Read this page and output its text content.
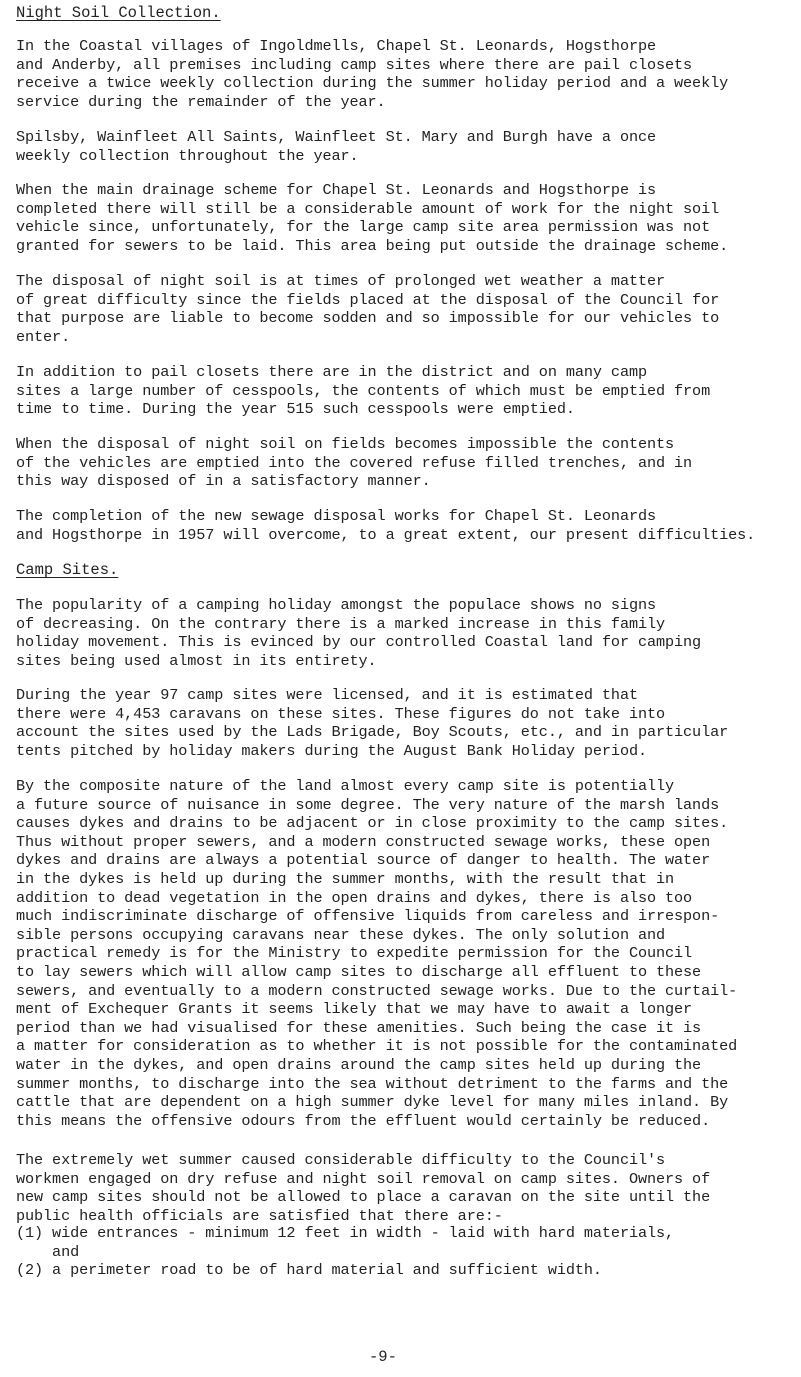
Night Soil Collection.
In the Coastal villages of Ingoldmells, Chapel St. Leonards, Hogsthorpe
and Anderby, all premises including camp sites where there are pail closets
receive a twice weekly collection during the summer holiday period and a weekly
service during the remainder of the year.
Spilsby, Wainfleet All Saints, Wainfleet St. Mary and Burgh have a once
weekly collection throughout the year.
When the main drainage scheme for Chapel St. Leonards and Hogsthorpe is
completed there will still be a considerable amount of work for the night soil
vehicle since, unfortunately, for the large camp site area permission was not
granted for sewers to be laid. This area being put outside the drainage scheme.
The disposal of night soil is at times of prolonged wet weather a matter
of great difficulty since the fields placed at the disposal of the Council for
that purpose are liable to become sodden and so impossible for our vehicles to
enter.
In addition to pail closets there are in the district and on many camp
sites a large number of cesspools, the contents of which must be emptied from
time to time. During the year 515 such cesspools were emptied.
When the disposal of night soil on fields becomes impossible the contents
of the vehicles are emptied into the covered refuse filled trenches, and in
this way disposed of in a satisfactory manner.
The completion of the new sewage disposal works for Chapel St. Leonards
and Hogsthorpe in 1957 will overcome, to a great extent, our present difficulties.
Camp Sites.
The popularity of a camping holiday amongst the populace shows no signs
of decreasing. On the contrary there is a marked increase in this family
holiday movement. This is evinced by our controlled Coastal land for camping
sites being used almost in its entirety.
During the year 97 camp sites were licensed, and it is estimated that
there were 4,453 caravans on these sites. These figures do not take into
account the sites used by the Lads Brigade, Boy Scouts, etc., and in particular
tents pitched by holiday makers during the August Bank Holiday period.
By the composite nature of the land almost every camp site is potentially
a future source of nuisance in some degree. The very nature of the marsh lands
causes dykes and drains to be adjacent or in close proximity to the camp sites.
Thus without proper sewers, and a modern constructed sewage works, these open
dykes and drains are always a potential source of danger to health. The water
in the dykes is held up during the summer months, with the result that in
addition to dead vegetation in the open drains and dykes, there is also too
much indiscriminate discharge of offensive liquids from careless and irrespon-
sible persons occupying caravans near these dykes. The only solution and
practical remedy is for the Ministry to expedite permission for the Council
to lay sewers which will allow camp sites to discharge all effluent to these
sewers, and eventually to a modern constructed sewage works. Due to the curtail-
ment of Exchequer Grants it seems likely that we may have to await a longer
period than we had visualised for these amenities. Such being the case it is
a matter for consideration as to whether it is not possible for the contaminated
water in the dykes, and open drains around the camp sites held up during the
summer months, to discharge into the sea without detriment to the farms and the
cattle that are dependent on a high summer dyke level for many miles inland. By
this means the offensive odours from the effluent would certainly be reduced.
The extremely wet summer caused considerable difficulty to the Council's
workmen engaged on dry refuse and night soil removal on camp sites. Owners of
new camp sites should not be allowed to place a caravan on the site until the
public health officials are satisfied that there are:-
(1) wide entrances - minimum 12 feet in width - laid with hard materials,
and
(2) a perimeter road to be of hard material and sufficient width.
-9-
